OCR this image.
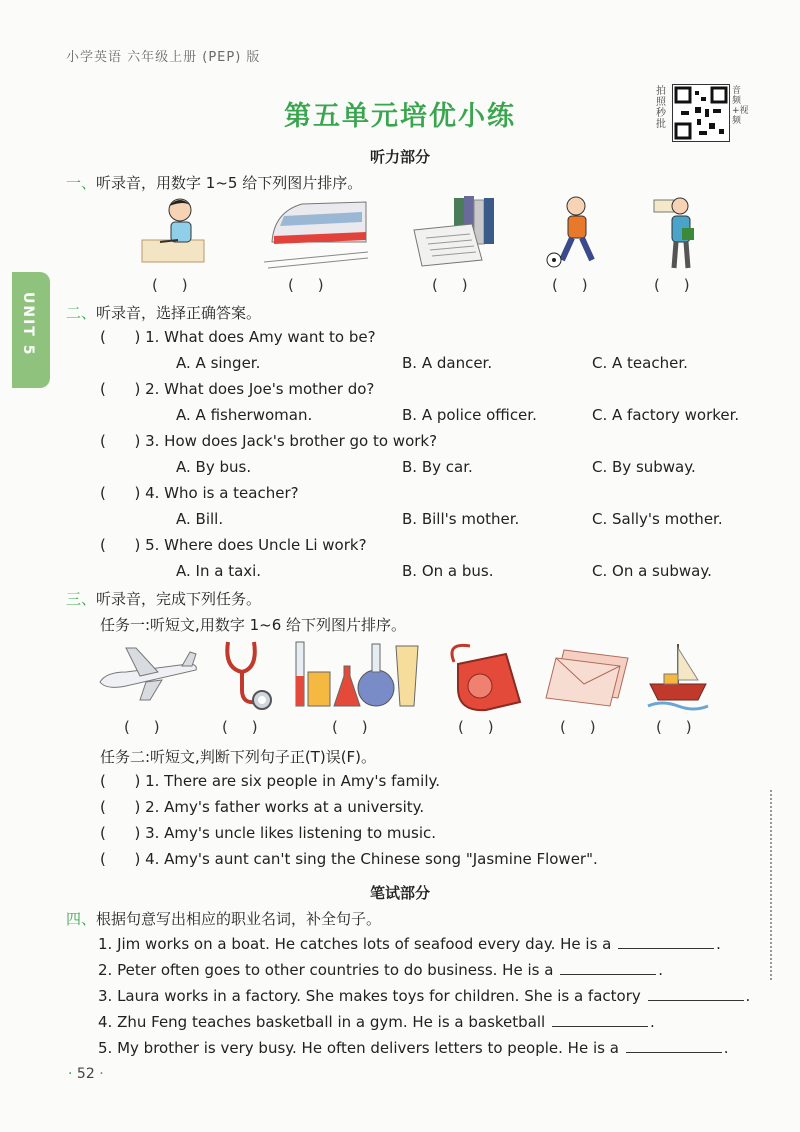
小学英语 六年级上册 (PEP) 版
第五单元培优小练
拍照秒批
音频+视频
UNIT 5
听力部分
一、听录音，用数字 1~5 给下列图片排序。
(     )	(     )	(     )	(     )	(     )
二、听录音，选择正确答案。
(      ) 1. What does Amy want to be?
A. A singer.	B. A dancer.	C. A teacher.
(      ) 2. What does Joe's mother do?
A. A fisherwoman.	B. A police officer.	C. A factory worker.
(      ) 3. How does Jack's brother go to work?
A. By bus.	B. By car.	C. By subway.
(      ) 4. Who is a teacher?
A. Bill.	B. Bill's mother.	C. Sally's mother.
(      ) 5. Where does Uncle Li work?
A. In a taxi.	B. On a bus.	C. On a subway.
三、听录音，完成下列任务。
任务一:听短文,用数字 1~6 给下列图片排序。
(     )	(     )	(     )	(     )	(     )	(     )
任务二:听短文,判断下列句子正(T)误(F)。
(      ) 1. There are six people in Amy's family.
(      ) 2. Amy's father works at a university.
(      ) 3. Amy's uncle likes listening to music.
(      ) 4. Amy's aunt can't sing the Chinese song "Jasmine Flower".
笔试部分
四、根据句意写出相应的职业名词，补全句子。
1. Jim works on a boat. He catches lots of seafood every day. He is a	.
2. Peter often goes to other countries to do business. He is a	.
3. Laura works in a factory. She makes toys for children. She is a factory	.
4. Zhu Feng teaches basketball in a gym. He is a basketball	.
5. My brother is very busy. He often delivers letters to people. He is a	.
· 52 ·
